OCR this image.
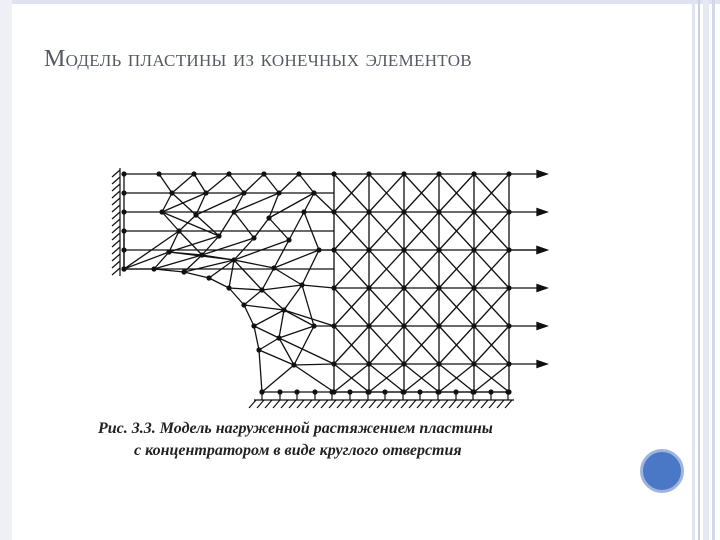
Модель пластины из конечных элементов
Рис. 3.3. Модель нагруженной растяжением пластины
с концентратором в виде круглого отверстия
